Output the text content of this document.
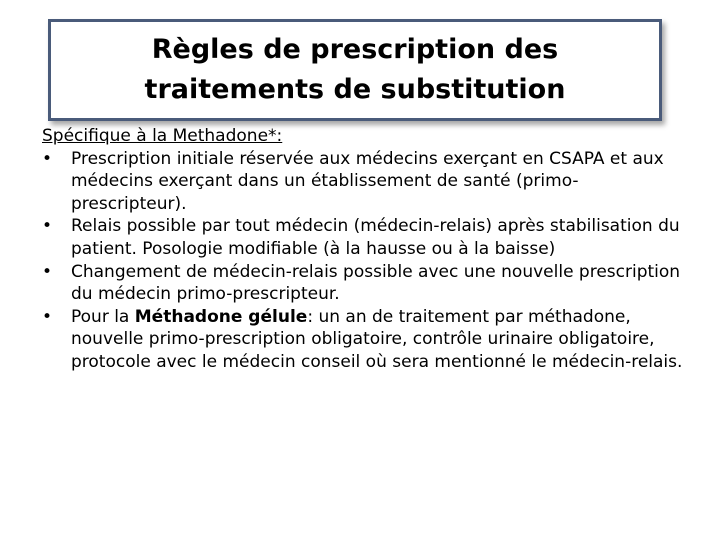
Règles de prescription des
traitements de substitution
Spécifique à la Methadone*:
•	Prescription initiale réservée aux médecins exerçant en CSAPA et aux médecins exerçant dans un établissement de santé (primo-prescripteur).
•	Relais possible par tout médecin (médecin-relais) après stabilisation du patient. Posologie modifiable (à la hausse ou à la baisse)
•	Changement de médecin-relais possible avec une nouvelle prescription du médecin primo-prescripteur.
•	Pour la Méthadone gélule: un an de traitement par méthadone, nouvelle primo-prescription obligatoire, contrôle urinaire obligatoire, protocole avec le médecin conseil où sera mentionné le médecin-relais.
